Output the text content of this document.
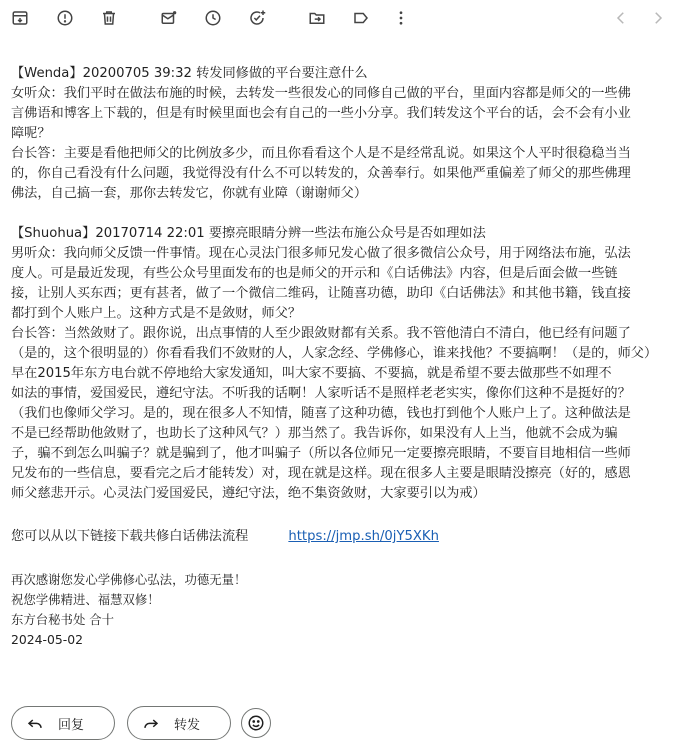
【Wenda】20200705 39:32 转发同修做的平台要注意什么

女听众：我们平时在做法布施的时候，去转发一些很发心的同修自己做的平台，里面内容都是师父的一些佛

言佛语和博客上下载的，但是有时候里面也会有自己的一些小分享。我们转发这个平台的话，会不会有小业

障呢？

台长答：主要是看他把师父的比例放多少，而且你看看这个人是不是经常乱说。如果这个人平时很稳稳当当

的，你自己看没有什么问题，我觉得没有什么不可以转发的，众善奉行。如果他严重偏差了师父的那些佛理

佛法，自己搞一套，那你去转发它，你就有业障（谢谢师父）

【Shuohua】20170714 22:01 要擦亮眼睛分辨一些法布施公众号是否如理如法

男听众：我向师父反馈一件事情。现在心灵法门很多师兄发心做了很多微信公众号，用于网络法布施，弘法

度人。可是最近发现，有些公众号里面发布的也是师父的开示和《白话佛法》内容，但是后面会做一些链

接，让别人买东西；更有甚者，做了一个微信二维码，让随喜功德，助印《白话佛法》和其他书籍，钱直接

都打到个人账户上。这种方式是不是敛财，师父？

台长答：当然敛财了。跟你说，出点事情的人至少跟敛财都有关系。我不管他清白不清白，他已经有问题了

（是的，这个很明显的）你看看我们不敛财的人，人家念经、学佛修心，谁来找他？不要搞啊！（是的，师父）

早在2015年东方电台就不停地给大家发通知，叫大家不要搞、不要搞，就是希望不要去做那些不如理不

如法的事情，爱国爱民，遵纪守法。不听我的话啊！人家听话不是照样老老实实，像你们这种不是挺好的？

（我们也像师父学习。是的，现在很多人不知情，随喜了这种功德，钱也打到他个人账户上了。这种做法是

不是已经帮助他敛财了，也助长了这种风气？）那当然了。我告诉你，如果没有人上当，他就不会成为骗

子，骗不到怎么叫骗子？就是骗到了，他才叫骗子（所以各位师兄一定要擦亮眼睛，不要盲目地相信一些师

兄发布的一些信息，要看完之后才能转发）对，现在就是这样。现在很多人主要是眼睛没擦亮（好的，感恩

师父慈悲开示。心灵法门爱国爱民，遵纪守法，绝不集资敛财，大家要引以为戒）

您可以从以下链接下载共修白话佛法流程	https://jmp.sh/0jY5XKh

再次感谢您发心学佛修心弘法，功德无量！

祝您学佛精进、福慧双修！

东方台秘书处 合十

2024-05-02

回复	转发
